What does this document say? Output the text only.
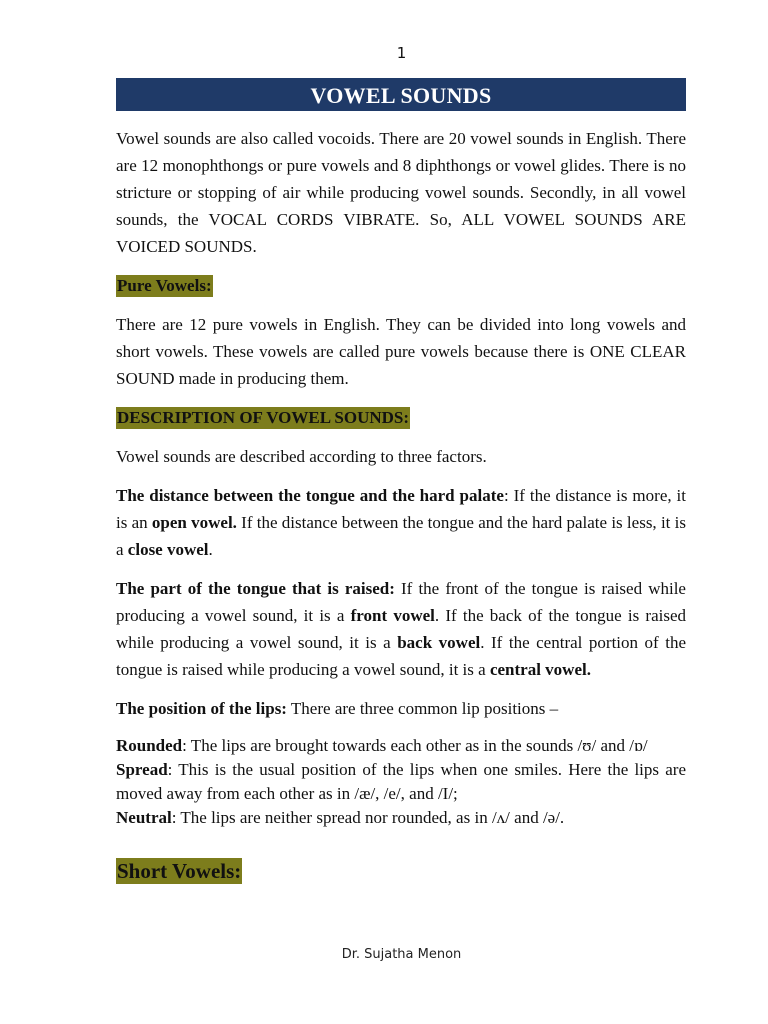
1
VOWEL SOUNDS

Vowel sounds are also called vocoids. There are 20 vowel sounds in English. There are 12 monophthongs or pure vowels and 8 diphthongs or vowel glides. There is no stricture or stopping of air while producing vowel sounds. Secondly, in all vowel sounds, the VOCAL CORDS VIBRATE. So, ALL VOWEL SOUNDS ARE VOICED SOUNDS.

Pure Vowels:

There are 12 pure vowels in English. They can be divided into long vowels and short vowels. These vowels are called pure vowels because there is ONE CLEAR SOUND made in producing them.

DESCRIPTION OF VOWEL SOUNDS:

Vowel sounds are described according to three factors.

The distance between the tongue and the hard palate: If the distance is more, it is an open vowel. If the distance between the tongue and the hard palate is less, it is a close vowel.

The part of the tongue that is raised: If the front of the tongue is raised while producing a vowel sound, it is a front vowel. If the back of the tongue is raised while producing a vowel sound, it is a back vowel. If the central portion of the tongue is raised while producing a vowel sound, it is a central vowel.

The position of the lips: There are three common lip positions –

Rounded: The lips are brought towards each other as in the sounds /ʊ/ and /ɒ/

Spread: This is the usual position of the lips when one smiles. Here the lips are moved away from each other as in /æ/, /e/, and /I/;

Neutral: The lips are neither spread nor rounded, as in /ʌ/ and /ə/.

Short Vowels:
Dr. Sujatha Menon
